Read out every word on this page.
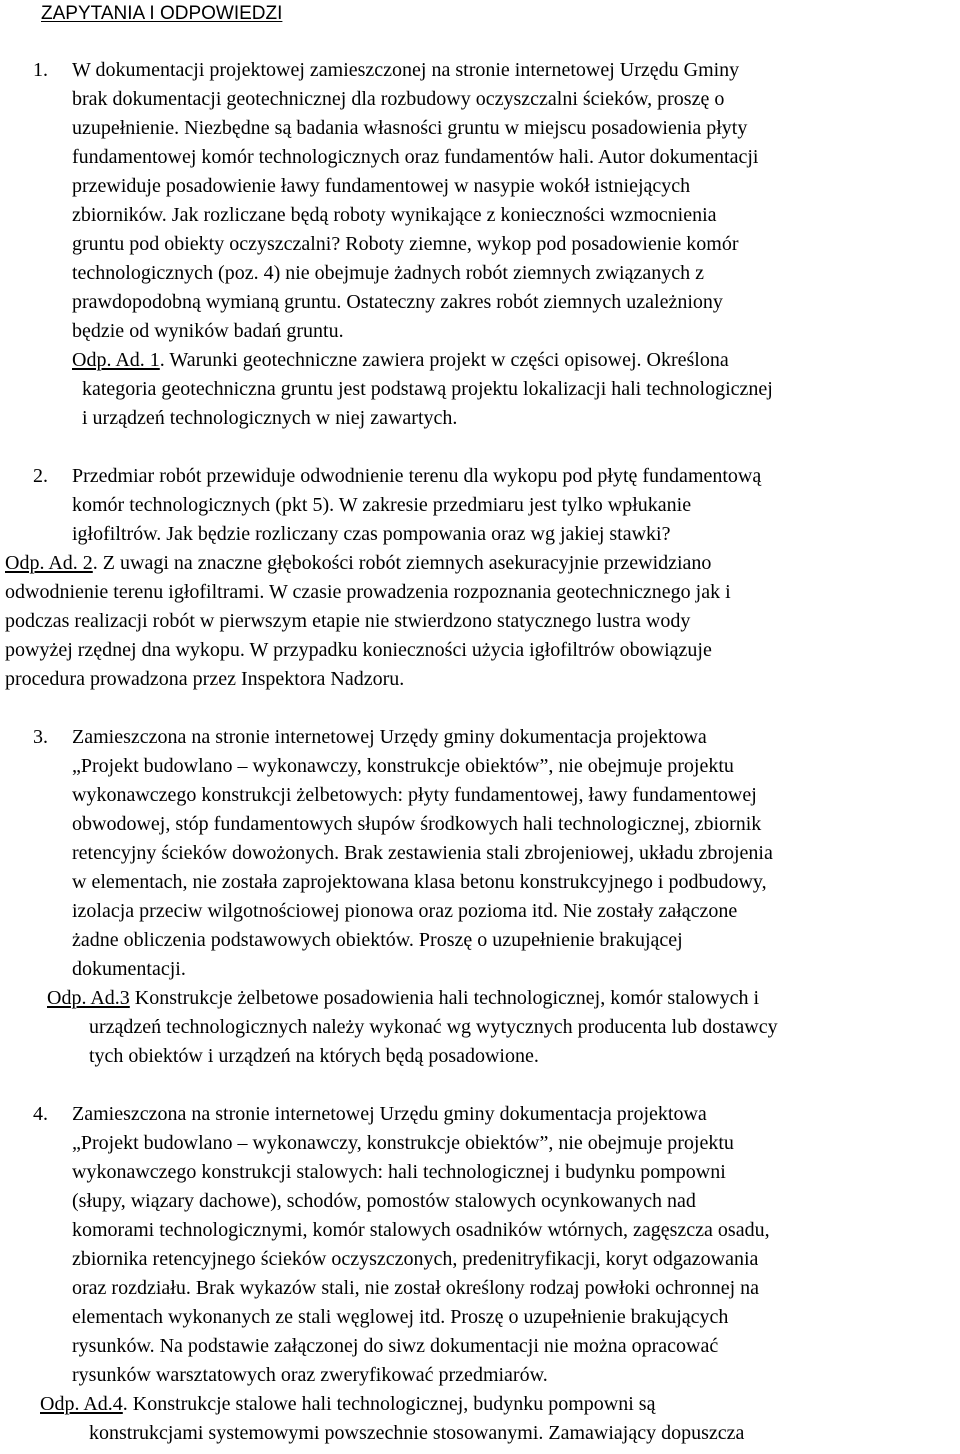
ZAPYTANIA I ODPOWIEDZI
1. W dokumentacji projektowej zamieszczonej na stronie internetowej Urzędu Gminy
brak dokumentacji geotechnicznej dla rozbudowy oczyszczalni ścieków, proszę o
uzupełnienie. Niezbędne są badania własności gruntu w miejscu posadowienia płyty
fundamentowej komór technologicznych oraz fundamentów hali. Autor dokumentacji
przewiduje posadowienie ławy fundamentowej w nasypie wokół istniejących
zbiorników. Jak rozliczane będą roboty wynikające z konieczności wzmocnienia
gruntu pod obiekty oczyszczalni? Roboty ziemne, wykop pod posadowienie komór
technologicznych (poz. 4) nie obejmuje żadnych robót ziemnych związanych z
prawdopodobną wymianą gruntu. Ostateczny zakres robót ziemnych uzależniony
będzie od wyników badań gruntu.
Odp. Ad. 1. Warunki geotechniczne zawiera projekt w części opisowej. Określona
kategoria geotechniczna gruntu jest podstawą projektu lokalizacji hali technologicznej
i urządzeń technologicznych w niej zawartych.
2. Przedmiar robót przewiduje odwodnienie terenu dla wykopu pod płytę fundamentową
komór technologicznych (pkt 5). W zakresie przedmiaru jest tylko wpłukanie
igłofiltrów. Jak będzie rozliczany czas pompowania oraz wg jakiej stawki?
Odp. Ad. 2. Z uwagi na znaczne głębokości robót ziemnych asekuracyjnie przewidziano
odwodnienie terenu igłofiltrami. W czasie prowadzenia rozpoznania geotechnicznego jak i
podczas realizacji robót w pierwszym etapie nie stwierdzono statycznego lustra wody
powyżej rzędnej dna wykopu. W przypadku konieczności użycia igłofiltrów obowiązuje
procedura prowadzona przez Inspektora Nadzoru.
3. Zamieszczona na stronie internetowej Urzędy gminy dokumentacja projektowa
„Projekt budowlano – wykonawczy, konstrukcje obiektów”, nie obejmuje projektu
wykonawczego konstrukcji żelbetowych: płyty fundamentowej, ławy fundamentowej
obwodowej, stóp fundamentowych słupów środkowych hali technologicznej, zbiornik
retencyjny ścieków dowożonych. Brak zestawienia stali zbrojeniowej, układu zbrojenia
w elementach, nie została zaprojektowana klasa betonu konstrukcyjnego i podbudowy,
izolacja przeciw wilgotnościowej pionowa oraz pozioma itd. Nie zostały załączone
żadne obliczenia podstawowych obiektów. Proszę o uzupełnienie brakującej
dokumentacji.
Odp. Ad.3 Konstrukcje żelbetowe posadowienia hali technologicznej, komór stalowych i
urządzeń technologicznych należy wykonać wg wytycznych producenta lub dostawcy
tych obiektów i urządzeń na których będą posadowione.
4. Zamieszczona na stronie internetowej Urzędu gminy dokumentacja projektowa
„Projekt budowlano – wykonawczy, konstrukcje obiektów”, nie obejmuje projektu
wykonawczego konstrukcji stalowych: hali technologicznej i budynku pompowni
(słupy, wiązary dachowe), schodów, pomostów stalowych ocynkowanych nad
komorami technologicznymi, komór stalowych osadników wtórnych, zagęszcza osadu,
zbiornika retencyjnego ścieków oczyszczonych, predenitryfikacji, koryt odgazowania
oraz rozdziału. Brak wykazów stali, nie został określony rodzaj powłoki ochronnej na
elementach wykonanych ze stali węglowej itd. Proszę o uzupełnienie brakujących
rysunków. Na podstawie załączonej do siwz dokumentacji nie można opracować
rysunków warsztatowych oraz zweryfikować przedmiarów.
Odp. Ad.4. Konstrukcje stalowe hali technologicznej, budynku pompowni są
konstrukcjami systemowymi powszechnie stosowanymi. Zamawiający dopuszcza
